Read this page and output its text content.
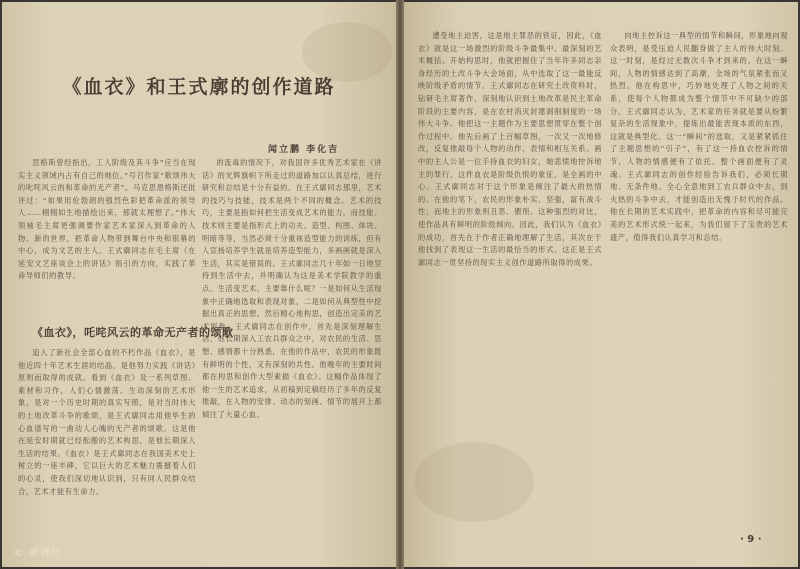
《血衣》和王式廓的创作道路
闻立鹏 李化吉

思格斯曾经指出，工人阶级及其斗争“应当在现实主义领域内占有自己的地位。”号召作家“歌颂伟大的叱咤风云的和革命的无产者”。马克思恩格斯还批评过：“如果用伦勃朗的强烈色彩把革命派的领导人……栩栩如生地描绘出来，那就太理想了。”伟大领袖毛主席更强调要作家艺术家深入到革命的人物、新的世界，把革命人物带到舞台中央和银幕的中心，成为文艺的主人。王式廓同志在毛主席《在延安文艺座谈会上的讲话》指引的方向，实践了革命导师们的教导。

《血衣》，吒咤风云的革命无产者的颂歌

追入了新社会全部心血的不朽作品《血衣》，是他近四十年艺术生涯的结晶，是他努力实践《讲话》原则而取得的成就。看到《血衣》及一系列草图、素材和习作，人们心情激荡。生动深刻的艺术形象，是对一个历史时期的真实写照，是对当时伟大的土地改革斗争的歌颂，是王式廓同志用他毕生的心血谱写的一曲动人心魄的无产者的颂歌。这是他在延安时期就已经酝酿的艺术构思，是他长期深入生活的结果。《血衣》是王式廓同志在我国美术史上树立的一座丰碑，它以巨大的艺术魅力震撼着人们的心灵，使我们深切地认识到，只有同人民群众结合，艺术才能有生命力。

的流毒的情况下，对我国许多优秀艺术家在《讲话》的光辉旗帜下所走过的道路加以认真总结，进行研究和总结是十分有益的。在王式廓同志那里，艺术的技巧与技能，技术是两个不同的概念。艺术的技巧，主要是指如何把生活变成艺术的能力，而技能、技术则主要是指形式上的功夫。造型、构图、体块、明暗等等，当然必须十分重视造型能力的训练，但有人宣扬培养学生就是培养造型能力，多画画就是深入生活，其实是错误的。王式廓同志几十年如一日地坚持到生活中去，并明确认为这是美术学院教学的重点。生活变艺术，主要靠什么呢？一是如何从生活现象中正确地选取和表现对象，二是如何从典型性中挖掘出真正的思想，然后精心地构思，创造出完美的艺术形象。王式廓同志在创作中，首先是深刻理解生活，他长期深入工农兵群众之中，对农民的生活、思想、感情都十分熟悉，在他的作品中，农民的形象既有鲜明的个性，又有深刻的共性。他晚年的主要时间都在构思和创作大型素描《血衣》。这幅作品体现了他一生的艺术追求，从初稿到定稿经历了多年的反复推敲，在人物的安排、动态的刻画、情节的展开上都倾注了大量心血。

© 澎湃号

遭受地主迫害，这是地主罪恶的铁证，因此，《血衣》就是这一场激烈的阶级斗争最集中、最深刻的艺术概括。开始构思时，他就把握住了当年许多同志亲身经历的土改斗争大会场面，从中选取了这一最能反映阶级矛盾的情节。王式廓同志在研究土改资料时，钻研毛主席著作，深刻地认识到土地改革是民主革命阶段的主要内容，是在农村消灭封建剥削制度的一场伟大斗争。他把这一主题作为主要思想贯穿在整个创作过程中。他先后画了上百幅草图，一次又一次地修改，反复推敲每个人物的动作、表情和相互关系。画中的主人公是一位手持血衣的妇女，她悲愤地控诉地主的罪行，这件血衣是阶级仇恨的象征，是全画的中心。王式廓同志对于这个形象是倾注了最大的热情的。在他的笔下，农民的形象朴实、坚强，富有战斗性；而地主的形象则丑恶、猥琐。这种强烈的对比，使作品具有鲜明的阶级倾向。因此，我们认为《血衣》的成功，首先在于作者正确地理解了生活，其次在于他找到了表现这一生活的最恰当的形式。这正是王式廓同志一贯坚持的现实主义创作道路所取得的成果。

向地主控诉这一典型的情节和瞬间，形象地向观众表明，是受压迫人民翻身做了主人的伟大时刻。这一时刻，是经过无数次斗争才到来的。在这一瞬间，人物的情感达到了高潮，全场的气氛紧张而又热烈。他在构思中，巧妙地处理了人物之间的关系，使每个人物都成为整个情节中不可缺少的部分。王式廓同志认为，艺术家的任务就是要从纷繁复杂的生活现象中，提炼出最能表现本质的东西，这就是典型化。这一“瞬间”的选取，又是紧紧抓住了主题思想的“引子”，有了这一持血衣控诉的情节，人物的情感便有了依托，整个画面便有了灵魂。王式廓同志的创作经验告诉我们，必须长期地、无条件地、全心全意地到工农兵群众中去，到火热的斗争中去，才能创造出无愧于时代的作品。他在长期的艺术实践中，把革命的内容和尽可能完美的艺术形式统一起来，为我们留下了宝贵的艺术遗产，值得我们认真学习和总结。

· 9 ·
